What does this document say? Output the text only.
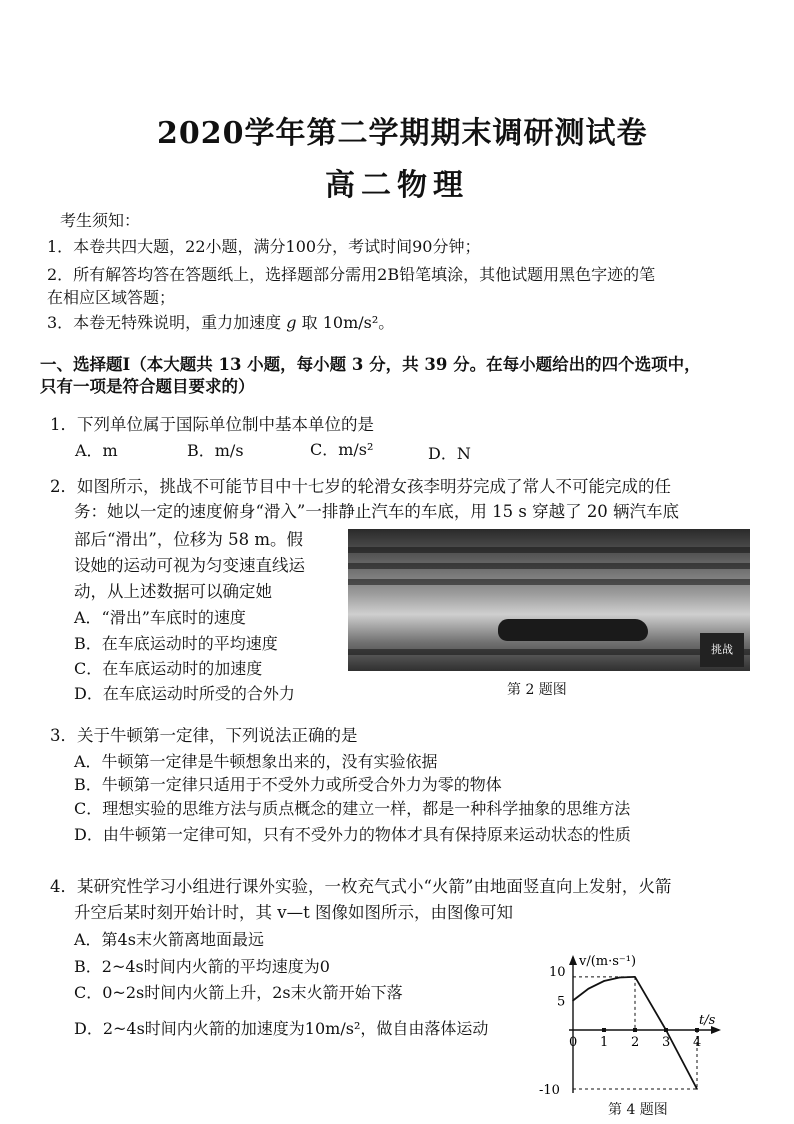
2020学年第二学期期末调研测试卷
高二物理
考生须知：
1．本卷共四大题，22小题，满分100分，考试时间90分钟；
2．所有解答均答在答题纸上，选择题部分需用2B铅笔填涂，其他试题用黑色字迹的笔
在相应区域答题；
3．本卷无特殊说明，重力加速度 g 取 10m/s²。
一、选择题Ⅰ（本大题共 13 小题，每小题 3 分，共 39 分。在每小题给出的四个选项中，
只有一项是符合题目要求的）
1．下列单位属于国际单位制中基本单位的是
A．m	B．m/s	C．m/s²	D．N
2．如图所示，挑战不可能节目中十七岁的轮滑女孩李明芬完成了常人不可能完成的任
务：她以一定的速度俯身“滑入”一排静止汽车的车底，用 15 s 穿越了 20 辆汽车底
部后“滑出”，位移为 58 m。假
设她的运动可视为匀变速直线运
动，从上述数据可以确定她
A．“滑出”车底时的速度
B．在车底运动时的平均速度
C．在车底运动时的加速度
D．在车底运动时所受的合外力
挑战
第 2 题图
3．关于牛顿第一定律，下列说法正确的是
A．牛顿第一定律是牛顿想象出来的，没有实验依据
B．牛顿第一定律只适用于不受外力或所受合外力为零的物体
C．理想实验的思维方法与质点概念的建立一样，都是一种科学抽象的思维方法
D．由牛顿第一定律可知，只有不受外力的物体才具有保持原来运动状态的性质
4．某研究性学习小组进行课外实验，一枚充气式小“火箭”由地面竖直向上发射，火箭
升空后某时刻开始计时，其 v—t 图像如图所示，由图像可知
A．第4s末火箭离地面最远
B．2~4s时间内火箭的平均速度为0
C．0~2s时间内火箭上升，2s末火箭开始下落
D．2~4s时间内火箭的加速度为10m/s²，做自由落体运动
v/(m·s⁻¹)
t/s
0 1 2 3 4
10
5
-10
第 4 题图
